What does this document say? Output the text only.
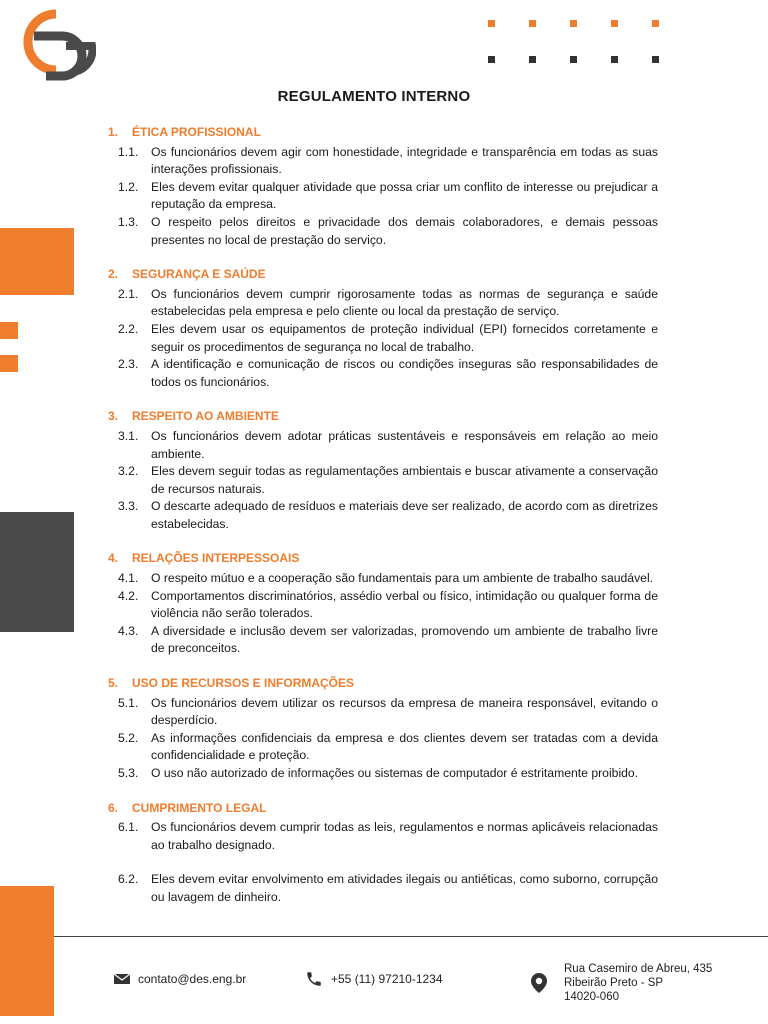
REGULAMENTO INTERNO
1.	ÉTICA PROFISSIONAL
1.1.	Os funcionários devem agir com honestidade, integridade e transparência em todas as suas interações profissionais.
1.2.	Eles devem evitar qualquer atividade que possa criar um conflito de interesse ou prejudicar a reputação da empresa.
1.3.	O respeito pelos direitos e privacidade dos demais colaboradores, e demais pessoas presentes no local de prestação do serviço.
2.	SEGURANÇA E SAÚDE
2.1.	Os funcionários devem cumprir rigorosamente todas as normas de segurança e saúde estabelecidas pela empresa e pelo cliente ou local da prestação de serviço.
2.2.	Eles devem usar os equipamentos de proteção individual (EPI) fornecidos corretamente e seguir os procedimentos de segurança no local de trabalho.
2.3.	A identificação e comunicação de riscos ou condições inseguras são responsabilidades de todos os funcionários.
3.	RESPEITO AO AMBIENTE
3.1.	Os funcionários devem adotar práticas sustentáveis e responsáveis em relação ao meio ambiente.
3.2.	Eles devem seguir todas as regulamentações ambientais e buscar ativamente a conservação de recursos naturais.
3.3.	O descarte adequado de resíduos e materiais deve ser realizado, de acordo com as diretrizes estabelecidas.
4.	RELAÇÕES INTERPESSOAIS
4.1.	O respeito mútuo e a cooperação são fundamentais para um ambiente de trabalho saudável.
4.2.	Comportamentos discriminatórios, assédio verbal ou físico, intimidação ou qualquer forma de violência não serão tolerados.
4.3.	A diversidade e inclusão devem ser valorizadas, promovendo um ambiente de trabalho livre de preconceitos.
5.	USO DE RECURSOS E INFORMAÇÕES
5.1.	Os funcionários devem utilizar os recursos da empresa de maneira responsável, evitando o desperdício.
5.2.	As informações confidenciais da empresa e dos clientes devem ser tratadas com a devida confidencialidade e proteção.
5.3.	O uso não autorizado de informações ou sistemas de computador é estritamente proibido.
6.	CUMPRIMENTO LEGAL
6.1.	Os funcionários devem cumprir todas as leis, regulamentos e normas aplicáveis relacionadas ao trabalho designado.
6.2.	Eles devem evitar envolvimento em atividades ilegais ou antiéticas, como suborno, corrupção ou lavagem de dinheiro.
contato@des.eng.br	+55 (11) 97210-1234
Rua Casemiro de Abreu, 435
Ribeirão Preto - SP
14020-060
